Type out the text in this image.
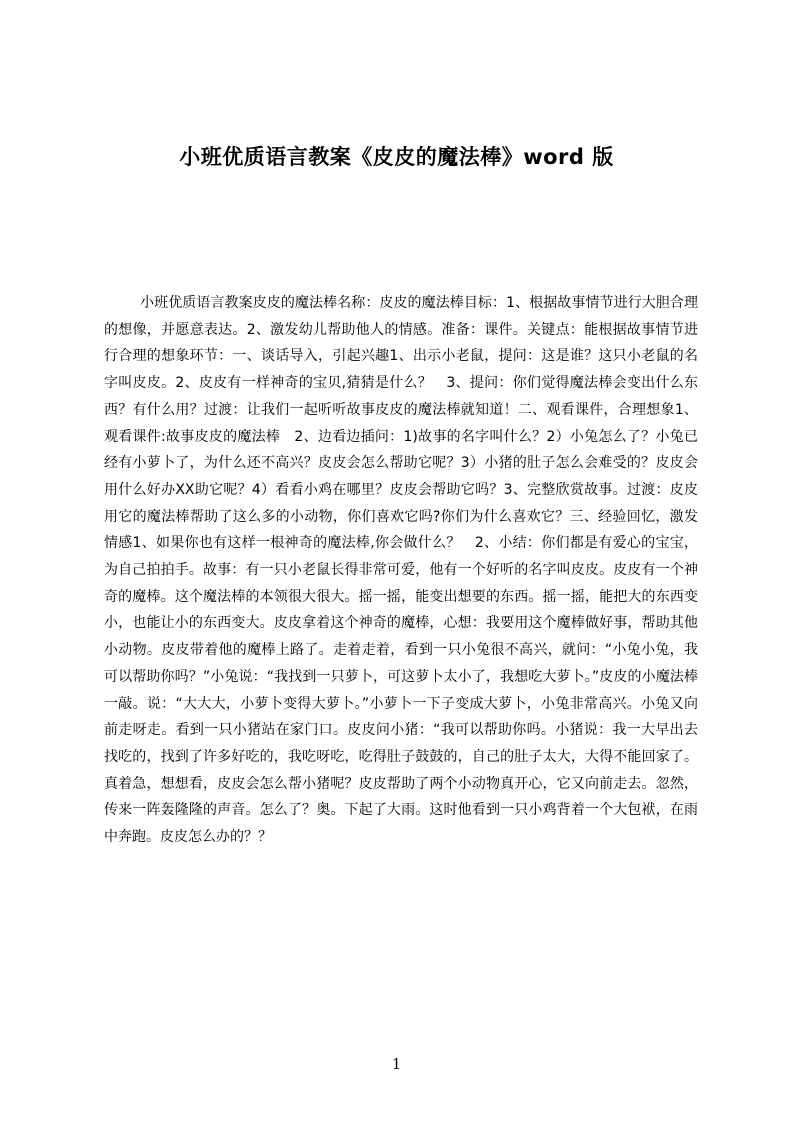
小班优质语言教案《皮皮的魔法棒》word 版

小班优质语言教案皮皮的魔法棒名称：皮皮的魔法棒目标：1、根据故事情节进行大胆合理的想像，并愿意表达。2、激发幼儿帮助他人的情感。准备：课件。关键点：能根据故事情节进行合理的想象环节：一、谈话导入，引起兴趣1、出示小老鼠，提问：这是谁？这只小老鼠的名字叫皮皮。2、皮皮有一样神奇的宝贝,猜猜是什么？　3、提问：你们觉得魔法棒会变出什么东西？有什么用？过渡：让我们一起听听故事皮皮的魔法棒就知道！二、观看课件，合理想象1、观看课件:故事皮皮的魔法棒　2、边看边插问：1)故事的名字叫什么？2）小兔怎么了？小兔已经有小萝卜了，为什么还不高兴？皮皮会怎么帮助它呢？3）小猪的肚子怎么会难受的？皮皮会用什么好办XX助它呢？4）看看小鸡在哪里？皮皮会帮助它吗？3、完整欣赏故事。过渡：皮皮用它的魔法棒帮助了这么多的小动物，你们喜欢它吗?你们为什么喜欢它？三、经验回忆，激发情感1、如果你也有这样一根神奇的魔法棒,你会做什么？　2、小结：你们都是有爱心的宝宝，为自己拍拍手。故事：有一只小老鼠长得非常可爱，他有一个好听的名字叫皮皮。皮皮有一个神奇的魔棒。这个魔法棒的本领很大很大。摇一摇，能变出想要的东西。摇一摇，能把大的东西变小，也能让小的东西变大。皮皮拿着这个神奇的魔棒，心想：我要用这个魔棒做好事，帮助其他小动物。皮皮带着他的魔棒上路了。走着走着，看到一只小兔很不高兴，就问：“小兔小兔，我可以帮助你吗？”小兔说：“我找到一只萝卜，可这萝卜太小了，我想吃大萝卜。”皮皮的小魔法棒一敲。说：“大大大，小萝卜变得大萝卜。”小萝卜一下子变成大萝卜，小兔非常高兴。小兔又向前走呀走。看到一只小猪站在家门口。皮皮问小猪：“我可以帮助你吗。小猪说：我一大早出去找吃的，找到了许多好吃的，我吃呀吃，吃得肚子鼓鼓的，自己的肚子太大，大得不能回家了。真着急，想想看，皮皮会怎么帮小猪呢？皮皮帮助了两个小动物真开心，它又向前走去。忽然，传来一阵轰隆隆的声音。怎么了？奥。下起了大雨。这时他看到一只小鸡背着一个大包袱，在雨中奔跑。皮皮怎么办的？？

1
